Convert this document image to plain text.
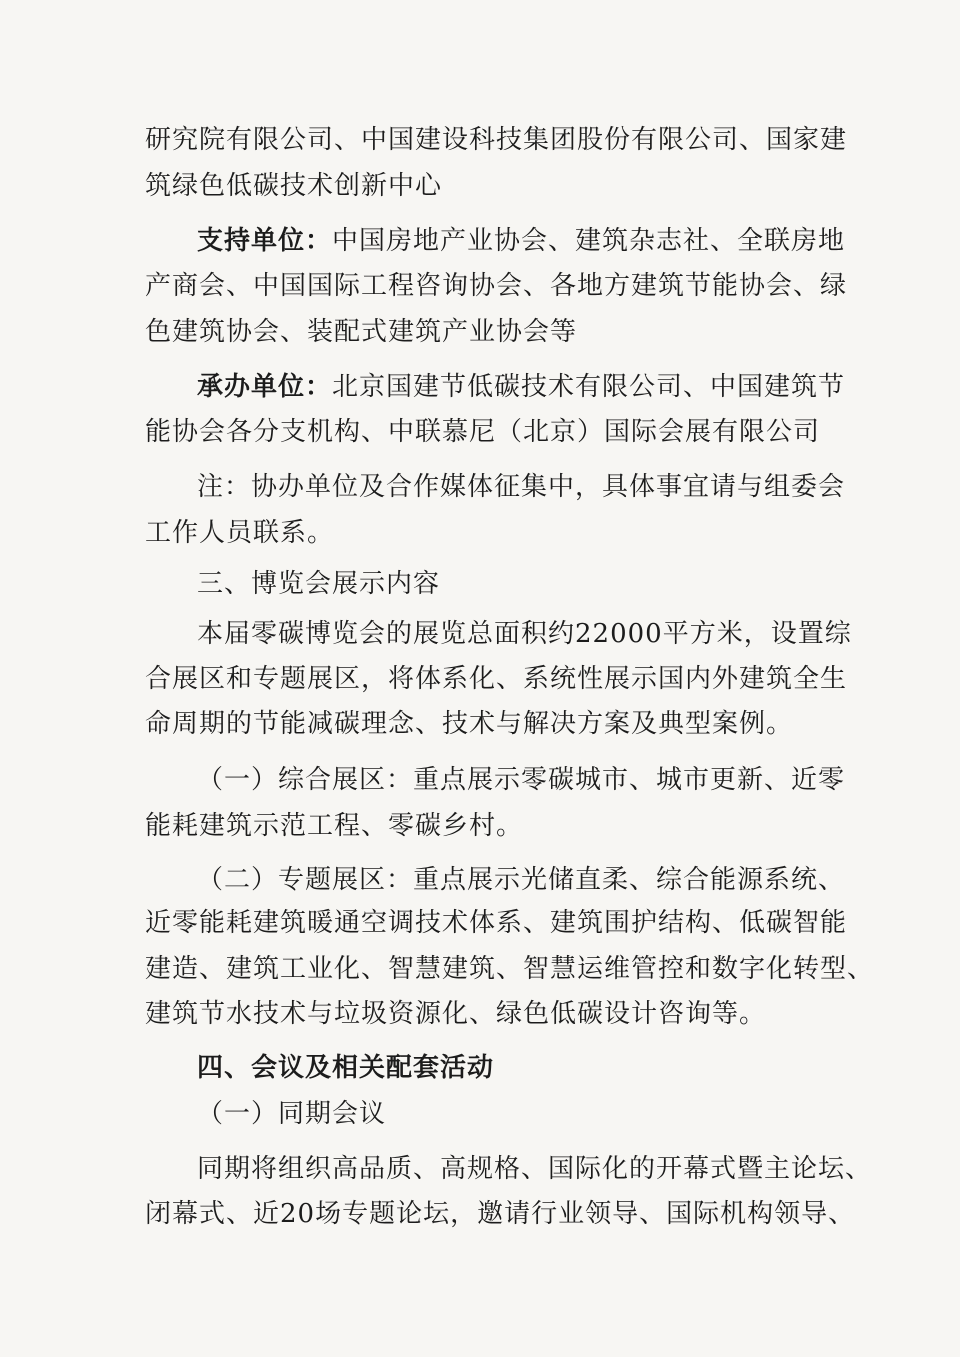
研究院有限公司、中国建设科技集团股份有限公司、国家建
筑绿色低碳技术创新中心
支持单位：中国房地产业协会、建筑杂志社、全联房地
产商会、中国国际工程咨询协会、各地方建筑节能协会、绿
色建筑协会、装配式建筑产业协会等
承办单位：北京国建节低碳技术有限公司、中国建筑节
能协会各分支机构、中联慕尼（北京）国际会展有限公司
注：协办单位及合作媒体征集中，具体事宜请与组委会
工作人员联系。
三、博览会展示内容
本届零碳博览会的展览总面积约22000平方米，设置综
合展区和专题展区，将体系化、系统性展示国内外建筑全生
命周期的节能减碳理念、技术与解决方案及典型案例。
（一）综合展区：重点展示零碳城市、城市更新、近零
能耗建筑示范工程、零碳乡村。
（二）专题展区：重点展示光储直柔、综合能源系统、
近零能耗建筑暖通空调技术体系、建筑围护结构、低碳智能
建造、建筑工业化、智慧建筑、智慧运维管控和数字化转型、
建筑节水技术与垃圾资源化、绿色低碳设计咨询等。
四、会议及相关配套活动
（一）同期会议
同期将组织高品质、高规格、国际化的开幕式暨主论坛、
闭幕式、近20场专题论坛，邀请行业领导、国际机构领导、
